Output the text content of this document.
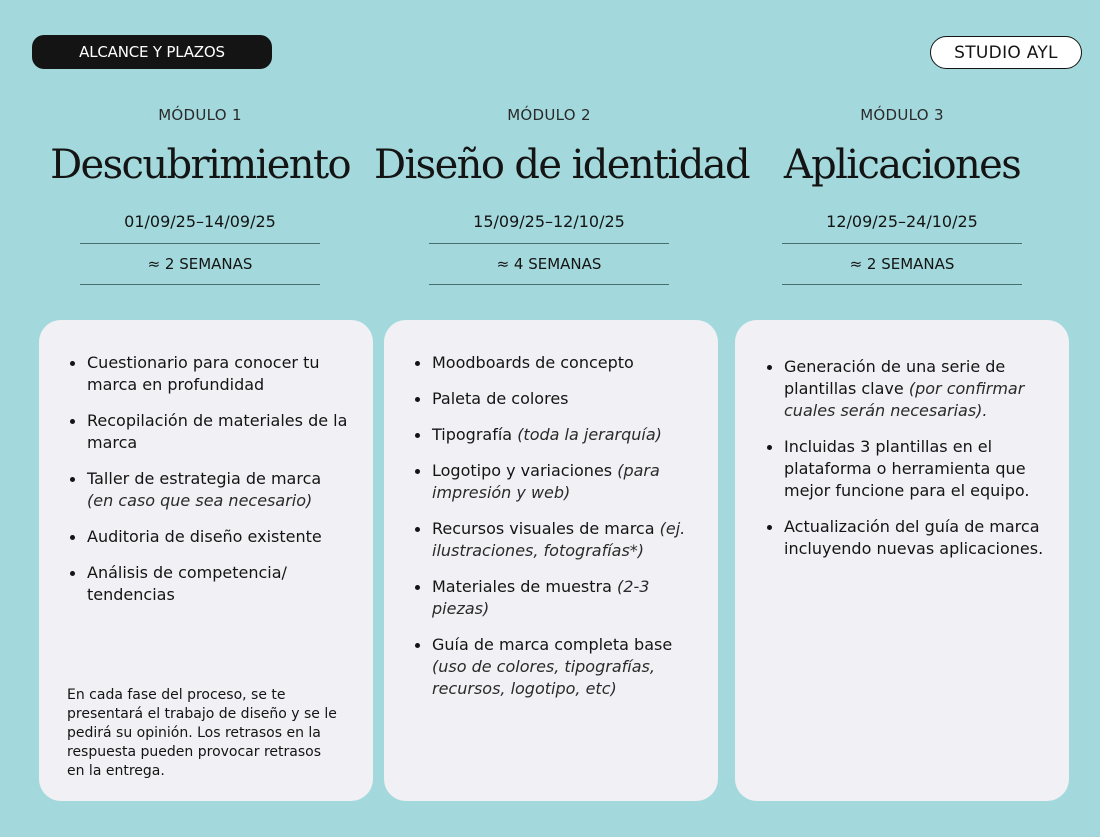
ALCANCE Y PLAZOS	STUDIO AYL
MÓDULO 1
Descubrimiento
01/09/25–14/09/25
≈ 2 SEMANAS
MÓDULO 2
Diseño de identidad
15/09/25–12/10/25
≈ 4 SEMANAS
MÓDULO 3
Aplicaciones
12/09/25–24/10/25
≈ 2 SEMANAS
Cuestionario para conocer tu marca en profundidad
Recopilación de materiales de la marca
Taller de estrategia de marca (en caso que sea necesario)
Auditoria de diseño existente
Análisis de competencia/ tendencias
En cada fase del proceso, se te presentará el trabajo de diseño y se le pedirá su opinión. Los retrasos en la respuesta pueden provocar retrasos en la entrega.
Moodboards de concepto
Paleta de colores
Tipografía (toda la jerarquía)
Logotipo y variaciones (para impresión y web)
Recursos visuales de marca (ej. ilustraciones, fotografías*)
Materiales de muestra (2-3 piezas)
Guía de marca completa base (uso de colores, tipografías, recursos, logotipo, etc)
Generación de una serie de plantillas clave (por confirmar cuales serán necesarias).
Incluidas 3 plantillas en el plataforma o herramienta que mejor funcione para el equipo.
Actualización del guía de marca incluyendo nuevas aplicaciones.
